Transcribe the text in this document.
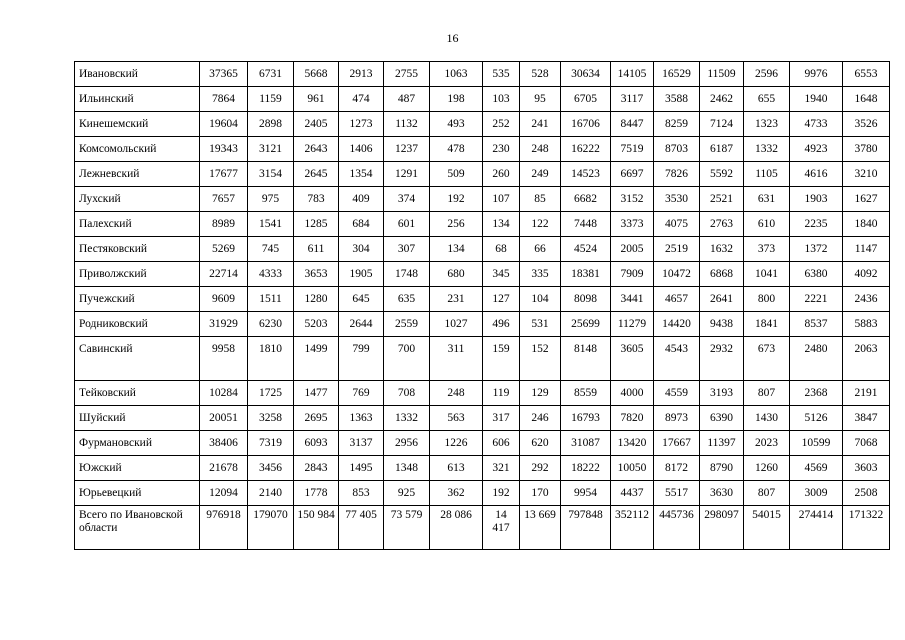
16
Ивановский	37365	6731	5668	2913	2755	1063	535	528	30634	14105	16529	11509	2596	9976	6553
Ильинский	7864	1159	961	474	487	198	103	95	6705	3117	3588	2462	655	1940	1648
Кинешемский	19604	2898	2405	1273	1132	493	252	241	16706	8447	8259	7124	1323	4733	3526
Комсомольский	19343	3121	2643	1406	1237	478	230	248	16222	7519	8703	6187	1332	4923	3780
Лежневский	17677	3154	2645	1354	1291	509	260	249	14523	6697	7826	5592	1105	4616	3210
Лухский	7657	975	783	409	374	192	107	85	6682	3152	3530	2521	631	1903	1627
Палехский	8989	1541	1285	684	601	256	134	122	7448	3373	4075	2763	610	2235	1840
Пестяковский	5269	745	611	304	307	134	68	66	4524	2005	2519	1632	373	1372	1147
Приволжский	22714	4333	3653	1905	1748	680	345	335	18381	7909	10472	6868	1041	6380	4092
Пучежский	9609	1511	1280	645	635	231	127	104	8098	3441	4657	2641	800	2221	2436
Родниковский	31929	6230	5203	2644	2559	1027	496	531	25699	11279	14420	9438	1841	8537	5883
Савинский	9958	1810	1499	799	700	311	159	152	8148	3605	4543	2932	673	2480	2063
Тейковский	10284	1725	1477	769	708	248	119	129	8559	4000	4559	3193	807	2368	2191
Шуйский	20051	3258	2695	1363	1332	563	317	246	16793	7820	8973	6390	1430	5126	3847
Фурмановский	38406	7319	6093	3137	2956	1226	606	620	31087	13420	17667	11397	2023	10599	7068
Южский	21678	3456	2843	1495	1348	613	321	292	18222	10050	8172	8790	1260	4569	3603
Юрьевецкий	12094	2140	1778	853	925	362	192	170	9954	4437	5517	3630	807	3009	2508
Всего по Ивановской области	976918	179070	150 984	77 405	73 579	28 086	14 417	13 669	797848	352112	445736	298097	54015	274414	171322
